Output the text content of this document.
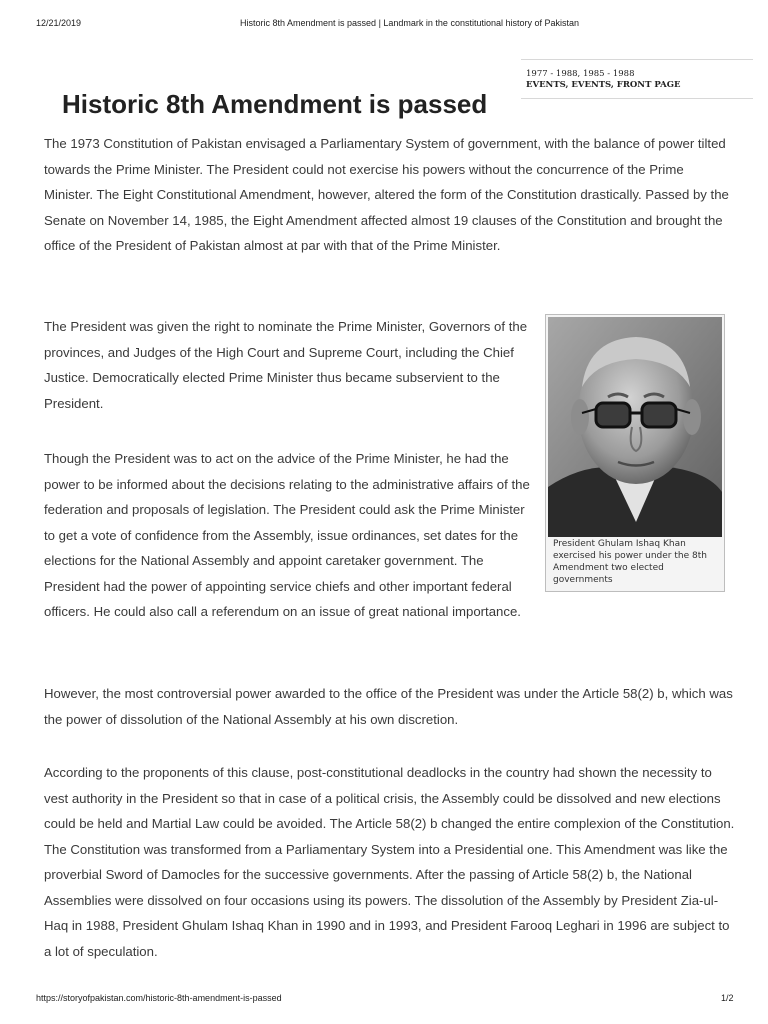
12/21/2019	Historic 8th Amendment is passed | Landmark in the constitutional history of Pakistan
1977 - 1988, 1985 - 1988
EVENTS, EVENTS, FRONT PAGE
Historic 8th Amendment is passed

The 1973 Constitution of Pakistan envisaged a Parliamentary System of government, with the balance of power tilted towards the Prime Minister. The President could not exercise his powers without the concurrence of the Prime Minister. The Eight Constitutional Amendment, however, altered the form of the Constitution drastically. Passed by the Senate on November 14, 1985, the Eight Amendment affected almost 19 clauses of the Constitution and brought the office of the President of Pakistan almost at par with that of the Prime Minister.

The President was given the right to nominate the Prime Minister, Governors of the provinces, and Judges of the High Court and Supreme Court, including the Chief Justice. Democratically elected Prime Minister thus became subservient to the President.

Though the President was to act on the advice of the Prime Minister, he had the power to be informed about the decisions relating to the administrative affairs of the federation and proposals of legislation. The President could ask the Prime Minister to get a vote of confidence from the Assembly, issue ordinances, set dates for the elections for the National Assembly and appoint caretaker government. The President had the power of appointing service chiefs and other important federal officers. He could also call a referendum on an issue of great national importance.

However, the most controversial power awarded to the office of the President was under the Article 58(2) b, which was the power of dissolution of the National Assembly at his own discretion.

According to the proponents of this clause, post-constitutional deadlocks in the country had shown the necessity to vest authority in the President so that in case of a political crisis, the Assembly could be dissolved and new elections could be held and Martial Law could be avoided. The Article 58(2) b changed the entire complexion of the Constitution. The Constitution was transformed from a Parliamentary System into a Presidential one. This Amendment was like the proverbial Sword of Damocles for the successive governments. After the passing of Article 58(2) b, the National Assemblies were dissolved on four occasions using its powers. The dissolution of the Assembly by President Zia-ul-Haq in 1988, President Ghulam Ishaq Khan in 1990 and in 1993, and President Farooq Leghari in 1996 are subject to a lot of speculation.

President Ghulam Ishaq Khan exercised his power under the 8th Amendment two elected governments
https://storyofpakistan.com/historic-8th-amendment-is-passed	1/2
